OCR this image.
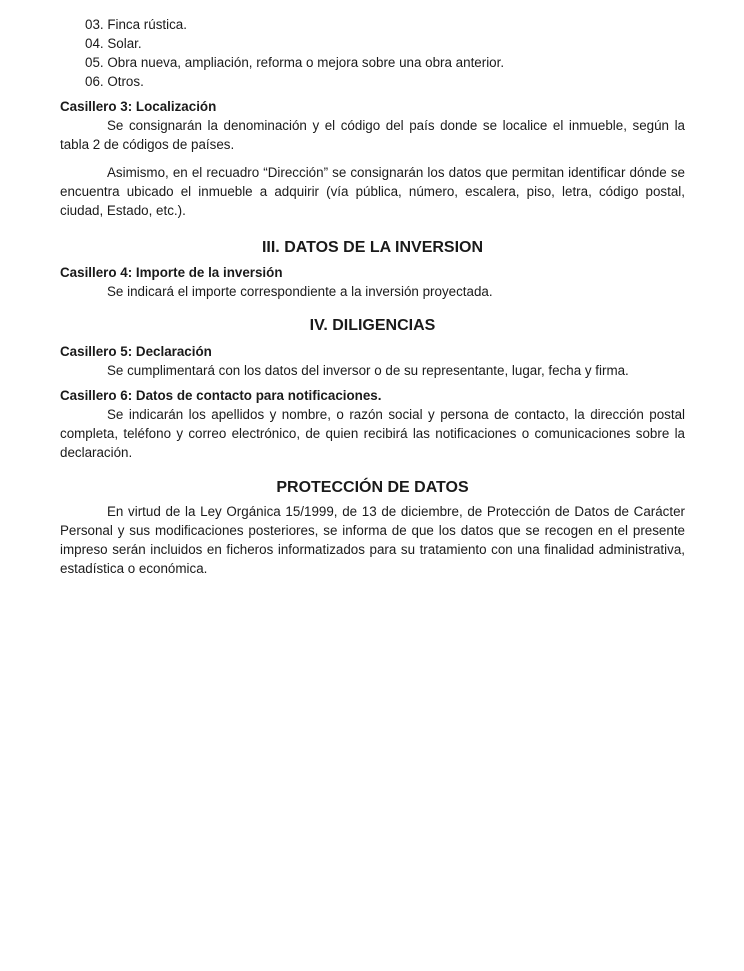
03. Finca rústica.
04. Solar.
05. Obra nueva, ampliación, reforma o mejora sobre una obra anterior.
06. Otros.
Casillero 3: Localización

Se consignarán la denominación y el código del país donde se localice el inmueble, según la tabla 2 de códigos de países.

Asimismo, en el recuadro “Dirección” se consignarán los datos que permitan identificar dónde se encuentra ubicado el inmueble a adquirir (vía pública, número, escalera, piso, letra, código postal, ciudad, Estado, etc.).

III. DATOS DE LA INVERSION
Casillero 4: Importe de la inversión

Se indicará el importe correspondiente a la inversión proyectada.

IV. DILIGENCIAS
Casillero 5: Declaración

Se cumplimentará con los datos del inversor o de su representante, lugar, fecha y firma.

Casillero 6: Datos de contacto para notificaciones.

Se indicarán los apellidos y nombre, o razón social y persona de contacto, la dirección postal completa, teléfono y correo electrónico, de quien recibirá las notificaciones o comunicaciones sobre la declaración.

PROTECCIÓN DE DATOS

En virtud de la Ley Orgánica 15/1999, de 13 de diciembre, de Protección de Datos de Carácter Personal y sus modificaciones posteriores, se informa de que los datos que se recogen en el presente impreso serán incluidos en ficheros informatizados para su tratamiento con una finalidad administrativa, estadística o económica.
